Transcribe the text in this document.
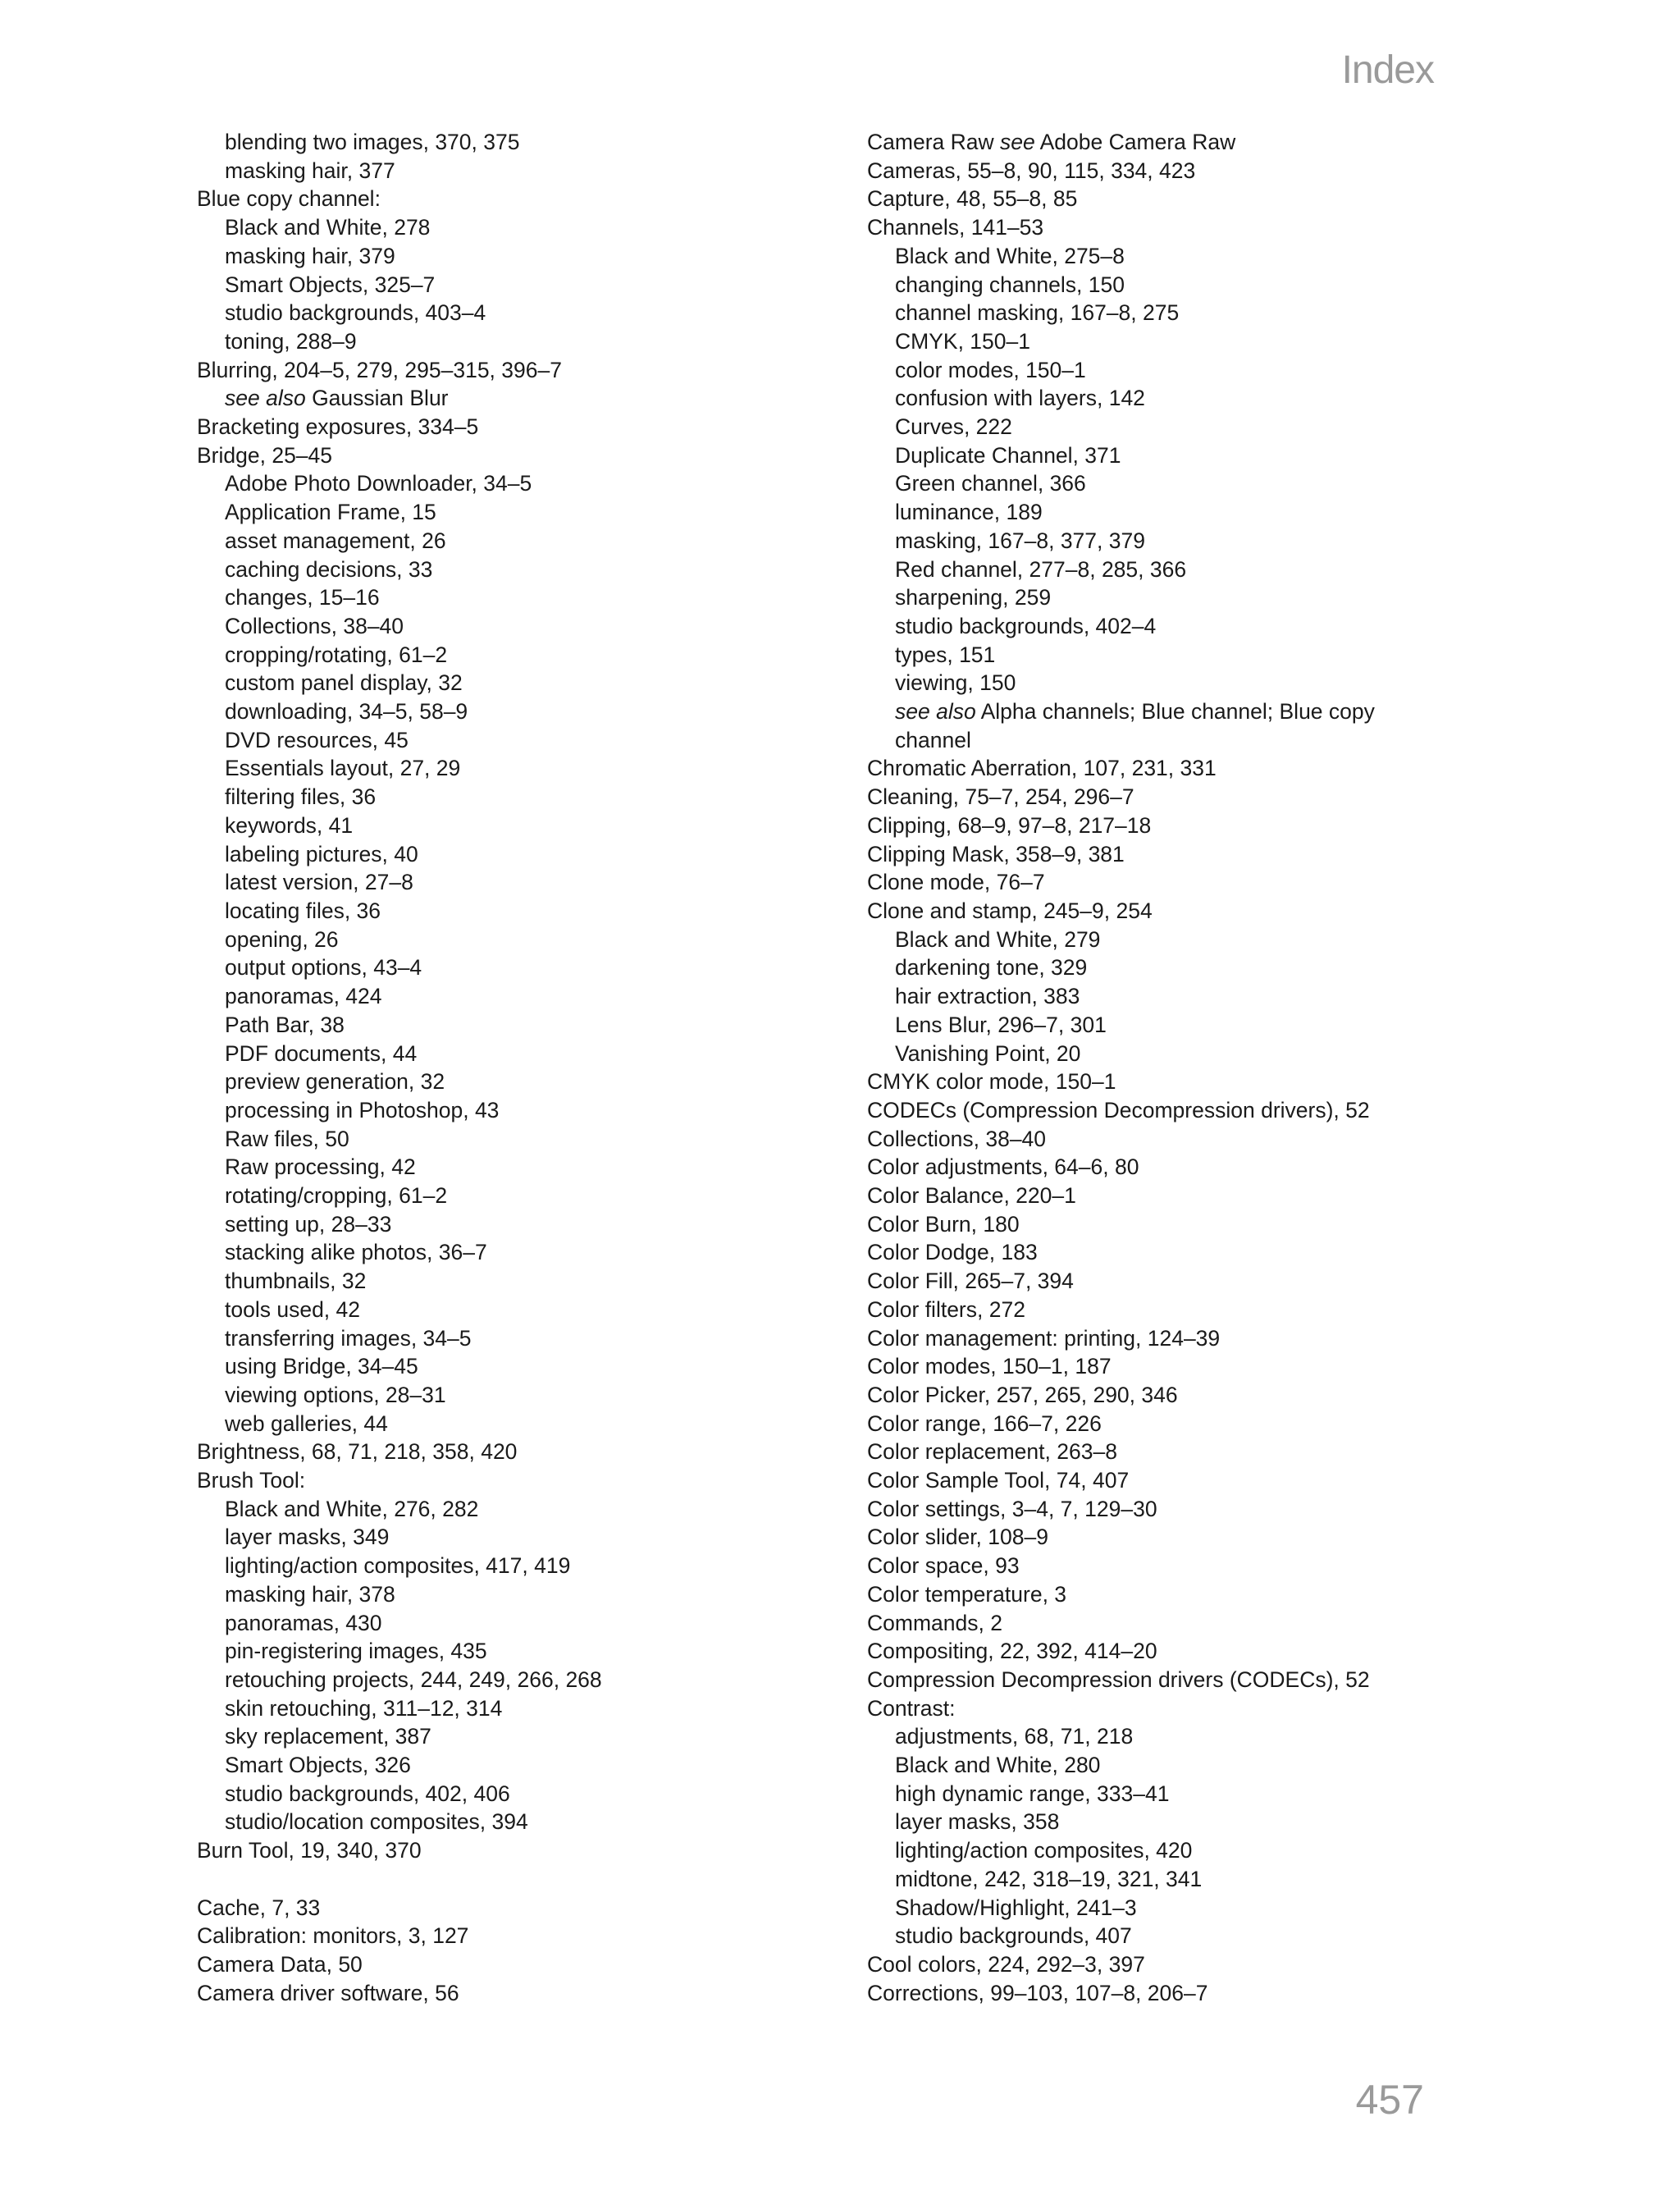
Index
blending two images, 370, 375
masking hair, 377
Blue copy channel:
Black and White, 278
masking hair, 379
Smart Objects, 325–7
studio backgrounds, 403–4
toning, 288–9
Blurring, 204–5, 279, 295–315, 396–7
see also Gaussian Blur
Bracketing exposures, 334–5
Bridge, 25–45
Adobe Photo Downloader, 34–5
Application Frame, 15
asset management, 26
caching decisions, 33
changes, 15–16
Collections, 38–40
cropping/rotating, 61–2
custom panel display, 32
downloading, 34–5, 58–9
DVD resources, 45
Essentials layout, 27, 29
filtering files, 36
keywords, 41
labeling pictures, 40
latest version, 27–8
locating files, 36
opening, 26
output options, 43–4
panoramas, 424
Path Bar, 38
PDF documents, 44
preview generation, 32
processing in Photoshop, 43
Raw files, 50
Raw processing, 42
rotating/cropping, 61–2
setting up, 28–33
stacking alike photos, 36–7
thumbnails, 32
tools used, 42
transferring images, 34–5
using Bridge, 34–45
viewing options, 28–31
web galleries, 44
Brightness, 68, 71, 218, 358, 420
Brush Tool:
Black and White, 276, 282
layer masks, 349
lighting/action composites, 417, 419
masking hair, 378
panoramas, 430
pin-registering images, 435
retouching projects, 244, 249, 266, 268
skin retouching, 311–12, 314
sky replacement, 387
Smart Objects, 326
studio backgrounds, 402, 406
studio/location composites, 394
Burn Tool, 19, 340, 370
Cache, 7, 33
Calibration: monitors, 3, 127
Camera Data, 50
Camera driver software, 56
Camera Raw see Adobe Camera Raw
Cameras, 55–8, 90, 115, 334, 423
Capture, 48, 55–8, 85
Channels, 141–53
Black and White, 275–8
changing channels, 150
channel masking, 167–8, 275
CMYK, 150–1
color modes, 150–1
confusion with layers, 142
Curves, 222
Duplicate Channel, 371
Green channel, 366
luminance, 189
masking, 167–8, 377, 379
Red channel, 277–8, 285, 366
sharpening, 259
studio backgrounds, 402–4
types, 151
viewing, 150
see also Alpha channels; Blue channel; Blue copy
channel
Chromatic Aberration, 107, 231, 331
Cleaning, 75–7, 254, 296–7
Clipping, 68–9, 97–8, 217–18
Clipping Mask, 358–9, 381
Clone mode, 76–7
Clone and stamp, 245–9, 254
Black and White, 279
darkening tone, 329
hair extraction, 383
Lens Blur, 296–7, 301
Vanishing Point, 20
CMYK color mode, 150–1
CODECs (Compression Decompression drivers), 52
Collections, 38–40
Color adjustments, 64–6, 80
Color Balance, 220–1
Color Burn, 180
Color Dodge, 183
Color Fill, 265–7, 394
Color filters, 272
Color management: printing, 124–39
Color modes, 150–1, 187
Color Picker, 257, 265, 290, 346
Color range, 166–7, 226
Color replacement, 263–8
Color Sample Tool, 74, 407
Color settings, 3–4, 7, 129–30
Color slider, 108–9
Color space, 93
Color temperature, 3
Commands, 2
Compositing, 22, 392, 414–20
Compression Decompression drivers (CODECs), 52
Contrast:
adjustments, 68, 71, 218
Black and White, 280
high dynamic range, 333–41
layer masks, 358
lighting/action composites, 420
midtone, 242, 318–19, 321, 341
Shadow/Highlight, 241–3
studio backgrounds, 407
Cool colors, 224, 292–3, 397
Corrections, 99–103, 107–8, 206–7
457
